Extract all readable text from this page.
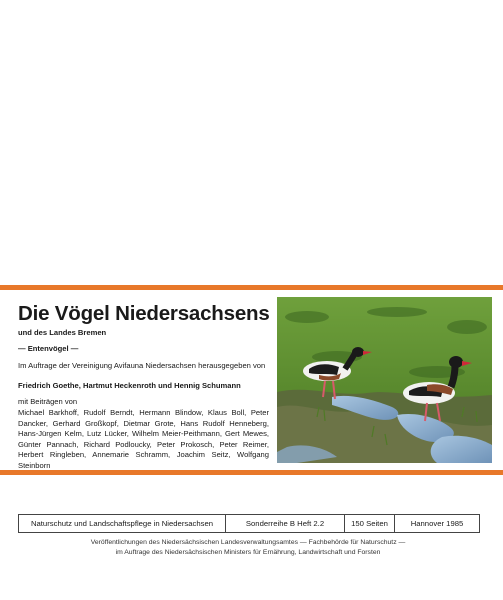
Die Vögel Niedersachsens
und des Landes Bremen
— Entenvögel —
Im Auftrage der Vereinigung Avifauna Niedersachsen herausgegeben von
Friedrich Goethe, Hartmut Heckenroth und Hennig Schumann
mit Beiträgen von
Michael Barkhoff, Rudolf Berndt, Hermann Blindow, Klaus Boll, Peter Dancker, Gerhard Großkopf, Dietmar Grote, Hans Rudolf Henneberg, Hans-Jürgen Kelm, Lutz Lücker, Wilhelm Meier-Peithmann, Gert Mewes, Günter Pannach, Richard Podloucky, Peter Prokosch, Peter Reimer, Herbert Ringleben, Annemarie Schramm, Joachim Seitz, Wolfgang Steinborn
Naturschutz und Landschaftspflege in Niedersachsen	Sonderreihe B Heft 2.2	150 Seiten	Hannover 1985
Veröffentlichungen des Niedersächsischen Landesverwaltungsamtes — Fachbehörde für Naturschutz —
im Auftrage des Niedersächsischen Ministers für Ernährung, Landwirtschaft und Forsten
